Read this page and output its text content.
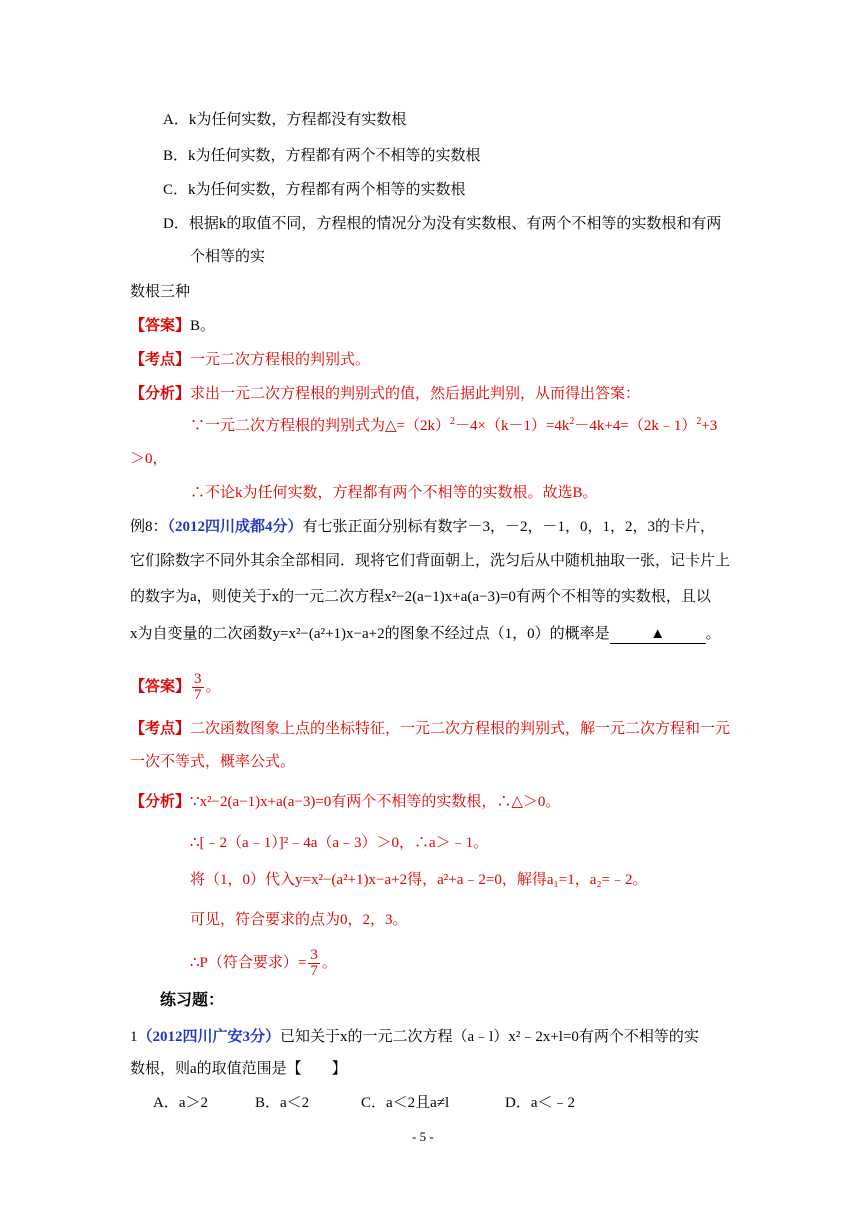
A．k为任何实数，方程都没有实数根
B．k为任何实数，方程都有两个不相等的实数根
C．k为任何实数，方程都有两个相等的实数根
D．根据k的取值不同，方程根的情况分为没有实数根、有两个不相等的实数根和有两
个相等的实
数根三种
【答案】B。
【考点】一元二次方程根的判别式。
【分析】求出一元二次方程根的判别式的值，然后据此判别，从而得出答案：
∵一元二次方程根的判别式为$\triangle=(2k)^2-4\times(k-1)=4k^2-4k+4=(2k﹣1)^2+3$
＞0，
∴不论k为任何实数，方程都有两个不相等的实数根。故选B。
例8：（2012四川成都4分）有七张正面分别标有数字－3，－2，－1，0，1，2，3的卡片，
它们除数字不同外其余全部相同．现将它们背面朝上，洗匀后从中随机抽取一张，记卡片上
的数字为a，则使关于x的一元二次方程x²−2(a−1)x+a(a−3)=0有两个不相等的实数根，且以
x为自变量的二次函数y=x²−(a²+1)x−a+2的图象不经过点（1，0）的概率是	▲	。
【答案】 $\frac{3}{7}$ 。
【考点】二次函数图象上点的坐标特征，一元二次方程根的判别式，解一元二次方程和一元
一次不等式，概率公式。
【分析】∵x²−2(a−1)x+a(a−3)=0有两个不相等的实数根，∴△＞0。
∴[﹣2（a﹣1）]²﹣4a（a﹣3）＞0，∴a＞﹣1。
将（1，0）代入y=x²−(a²+1)x−a+2得，a²+a﹣2=0，解得a₁=1，a₂=﹣2。
可见，符合要求的点为0，2，3。
∴P（符合要求）= $\frac{3}{7}$ 。
练习题：
1（2012四川广安3分）已知关于x的一元二次方程（a﹣l）x²﹣2x+l=0有两个不相等的实
数根，则a的取值范围是【　　】
A．a＞2	B．a＜2	C．a＜2且a≠l	D．a＜﹣2
- 5 -
